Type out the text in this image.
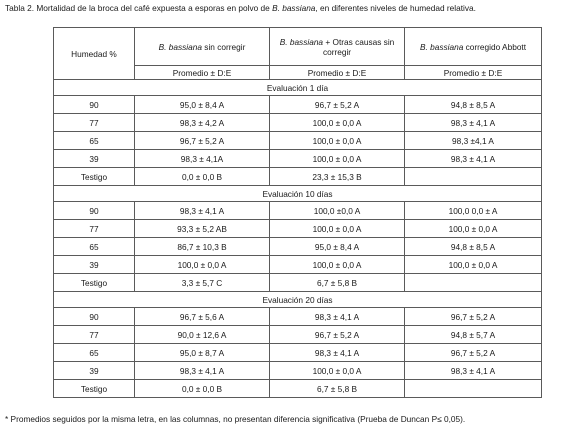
Tabla 2. Mortalidad de la broca del café expuesta a esporas en polvo de B. bassiana, en diferentes niveles de humedad relativa.
Humedad %	B. bassiana sin corregir	B. bassiana + Otras causas sin corregir	B. bassiana corregido Abbott
	Promedio ± D:E	Promedio ± D:E	Promedio ± D:E
Evaluación 1 día			
90	95,0 ± 8,4 A	96,7 ± 5,2 A	94,8 ± 8,5 A
77	98,3 ± 4,2 A	100,0 ± 0,0 A	98,3 ± 4,1 A
65	96,7 ± 5,2 A	100,0 ± 0,0 A	98,3 ±4,1 A
39	98,3 ± 4,1A	100,0 ± 0,0 A	98,3 ± 4,1 A
Testigo	0,0 ± 0,0 B	23,3 ± 15,3 B	
Evaluación 10 días			
90	98,3 ± 4,1 A	100,0 ±0,0 A	100,0 0,0 ± A
77	93,3 ± 5,2 AB	100,0 ± 0,0 A	100,0 ± 0,0 A
65	86,7 ± 10,3 B	95,0 ± 8,4 A	94,8 ± 8,5 A
39	100,0 ± 0,0 A	100,0 ± 0,0 A	100,0 ± 0,0 A
Testigo	3,3 ± 5,7 C	6,7 ± 5,8 B	
Evaluación 20 días			
90	96,7 ± 5,6 A	98,3 ± 4,1 A	96,7 ± 5,2 A
77	90,0 ± 12,6 A	96,7 ± 5,2 A	94,8 ± 5,7 A
65	95,0 ± 8,7 A	98,3 ± 4,1 A	96,7 ± 5,2 A
39	98,3 ± 4,1 A	100,0 ± 0,0 A	98,3 ± 4,1 A
Testigo	0,0 ± 0,0 B	6,7 ± 5,8 B	
* Promedios seguidos por la misma letra, en las columnas, no presentan diferencia significativa (Prueba de Duncan P≤ 0,05).
